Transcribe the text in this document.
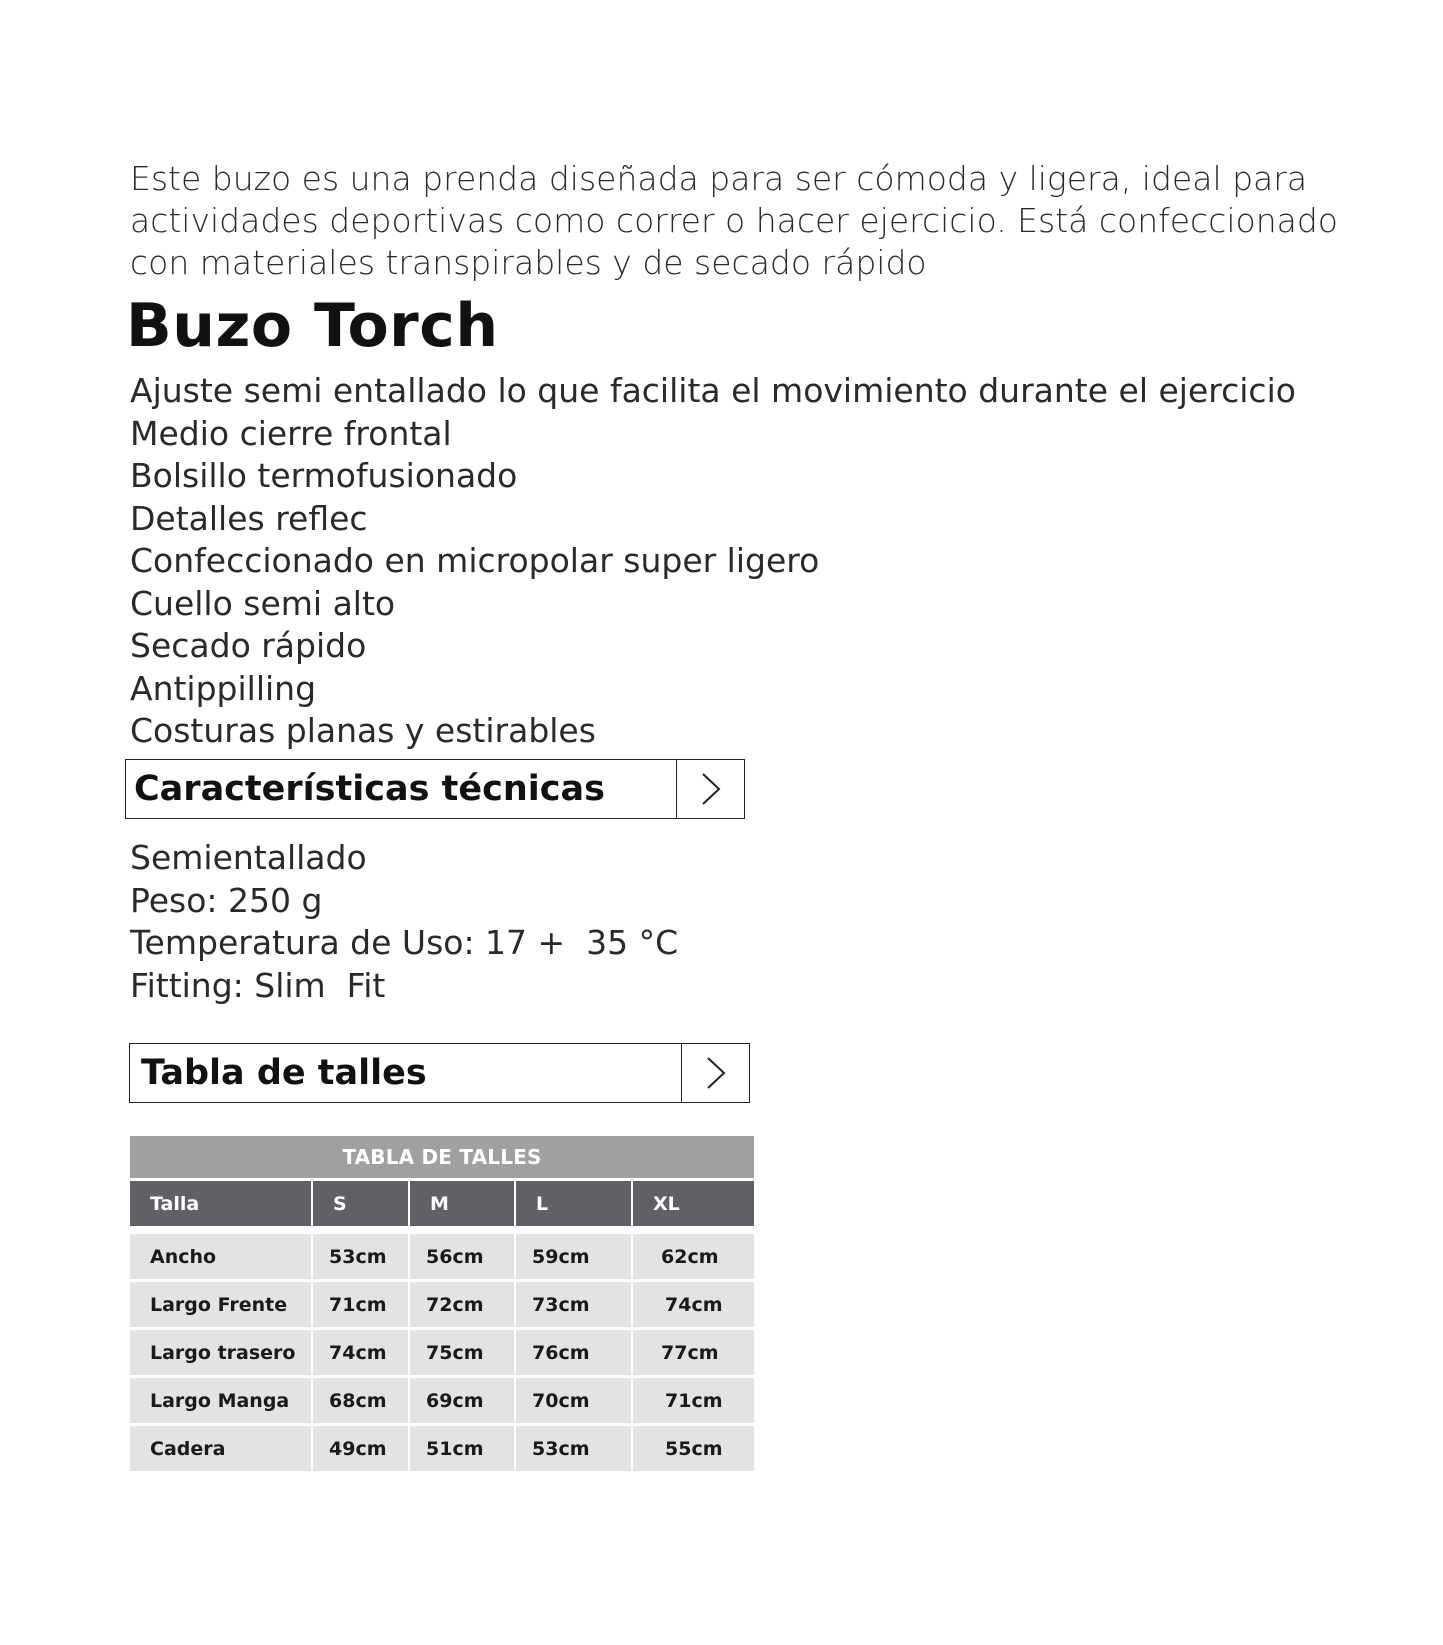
Este buzo es una prenda diseñada para ser cómoda y ligera, ideal para
actividades deportivas como correr o hacer ejercicio. Está confeccionado
con materiales transpirables y de secado rápido
Buzo Torch
Ajuste semi entallado lo que facilita el movimiento durante el ejercicio
Medio cierre frontal
Bolsillo termofusionado
Detalles reflec
Confeccionado en micropolar super ligero
Cuello semi alto
Secado rápido
Antippilling
Costuras planas y estirables
Características técnicas
Semientallado
Peso: 250 g
Temperatura de Uso: 17 +  35 °C
Fitting: Slim  Fit
Tabla de talles
TABLA DE TALLES
Talla	S	M	L	XL
Ancho	53cm	56cm	59cm	62cm
Largo Frente	71cm	72cm	73cm	74cm
Largo trasero	74cm	75cm	76cm	77cm
Largo Manga	68cm	69cm	70cm	71cm
Cadera	49cm	51cm	53cm	55cm
